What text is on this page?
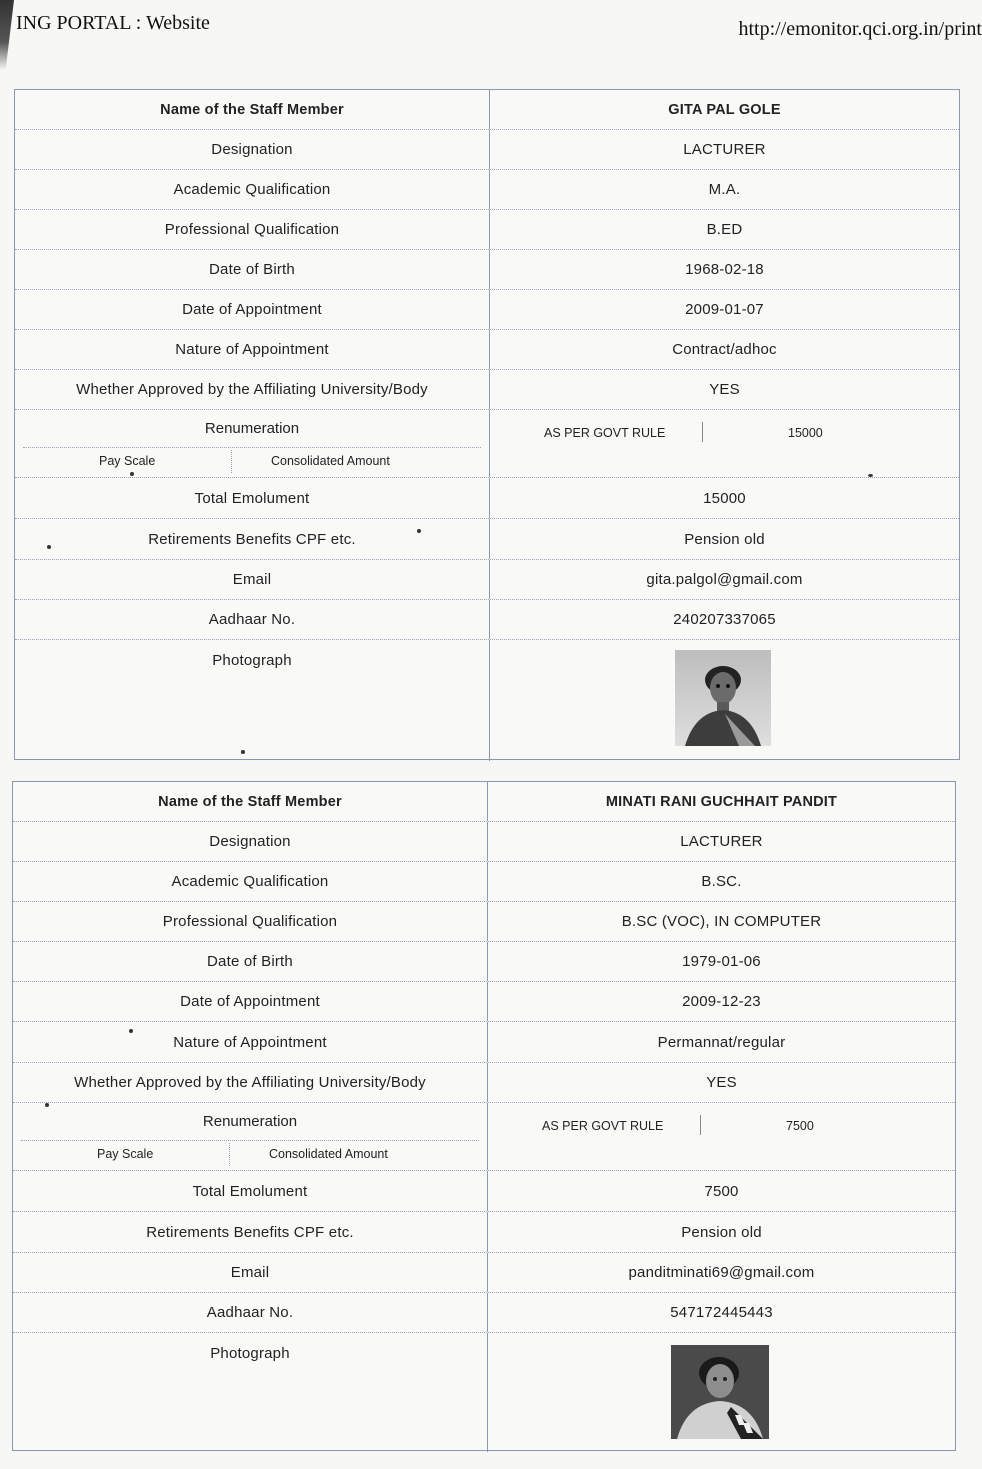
ING PORTAL : Website	http://emonitor.qci.org.in/print
Name of the Staff Member	GITA PAL GOLE
Designation	LACTURER
Academic Qualification	M.A.
Professional Qualification	B.ED
Date of Birth	1968-02-18
Date of Appointment	2009-01-07
Nature of Appointment	Contract/adhoc
Whether Approved by the Affiliating University/Body	YES
Renumeration
Pay Scale	Consolidated Amount
AS PER GOVT RULE	15000
Total Emolument	15000
Retirements Benefits CPF etc.	Pension old
Email	gita.palgol@gmail.com
Aadhaar No.	240207337065
Photograph
Name of the Staff Member	MINATI RANI GUCHHAIT PANDIT
Designation	LACTURER
Academic Qualification	B.SC.
Professional Qualification	B.SC (VOC), IN COMPUTER
Date of Birth	1979-01-06
Date of Appointment	2009-12-23
Nature of Appointment	Permannat/regular
Whether Approved by the Affiliating University/Body	YES
Renumeration
Pay Scale	Consolidated Amount
AS PER GOVT RULE	7500
Total Emolument	7500
Retirements Benefits CPF etc.	Pension old
Email	panditminati69@gmail.com
Aadhaar No.	547172445443
Photograph
